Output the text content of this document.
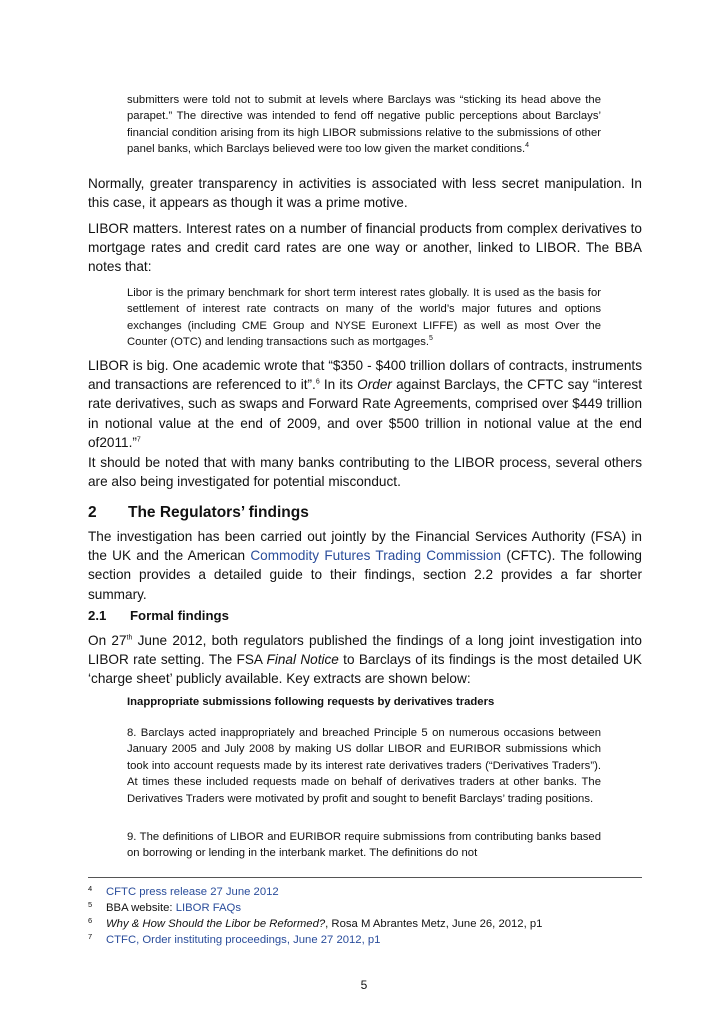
submitters were told not to submit at levels where Barclays was “sticking its head above the parapet.” The directive was intended to fend off negative public perceptions about Barclays’ financial condition arising from its high LIBOR submissions relative to the submissions of other panel banks, which Barclays believed were too low given the market conditions.$^4$

Normally, greater transparency in activities is associated with less secret manipulation. In this case, it appears as though it was a prime motive.

LIBOR matters. Interest rates on a number of financial products from complex derivatives to mortgage rates and credit card rates are one way or another, linked to LIBOR. The BBA notes that:

Libor is the primary benchmark for short term interest rates globally. It is used as the basis for settlement of interest rate contracts on many of the world’s major futures and options exchanges (including CME Group and NYSE Euronext LIFFE) as well as most Over the Counter (OTC) and lending transactions such as mortgages.$^5$

LIBOR is big. One academic wrote that “$350 - $400 trillion dollars of contracts, instruments and transactions are referenced to it”.$^6$ In its Order against Barclays, the CFTC say “interest rate derivatives, such as swaps and Forward Rate Agreements, comprised over $449 trillion in notional value at the end of 2009, and over $500 trillion in notional value at the end of2011.”$^7$

It should be noted that with many banks contributing to the LIBOR process, several others are also being investigated for potential misconduct.

2 The Regulators’ findings

The investigation has been carried out jointly by the Financial Services Authority (FSA) in the UK and the American Commodity Futures Trading Commission (CFTC). The following section provides a detailed guide to their findings, section 2.2 provides a far shorter summary.

2.1 Formal findings

On 27th June 2012, both regulators published the findings of a long joint investigation into LIBOR rate setting. The FSA Final Notice to Barclays of its findings is the most detailed UK ‘charge sheet’ publicly available. Key extracts are shown below:

Inappropriate submissions following requests by derivatives traders

8. Barclays acted inappropriately and breached Principle 5 on numerous occasions between January 2005 and July 2008 by making US dollar LIBOR and EURIBOR submissions which took into account requests made by its interest rate derivatives traders (“Derivatives Traders”). At times these included requests made on behalf of derivatives traders at other banks. The Derivatives Traders were motivated by profit and sought to benefit Barclays’ trading positions.

9. The definitions of LIBOR and EURIBOR require submissions from contributing banks based on borrowing or lending in the interbank market. The definitions do not

4 CFTC press release 27 June 2012
5 BBA website: LIBOR FAQs
6 Why & How Should the Libor be Reformed?, Rosa M Abrantes Metz, June 26, 2012, p1
7 CTFC, Order instituting proceedings, June 27 2012, p1
5
